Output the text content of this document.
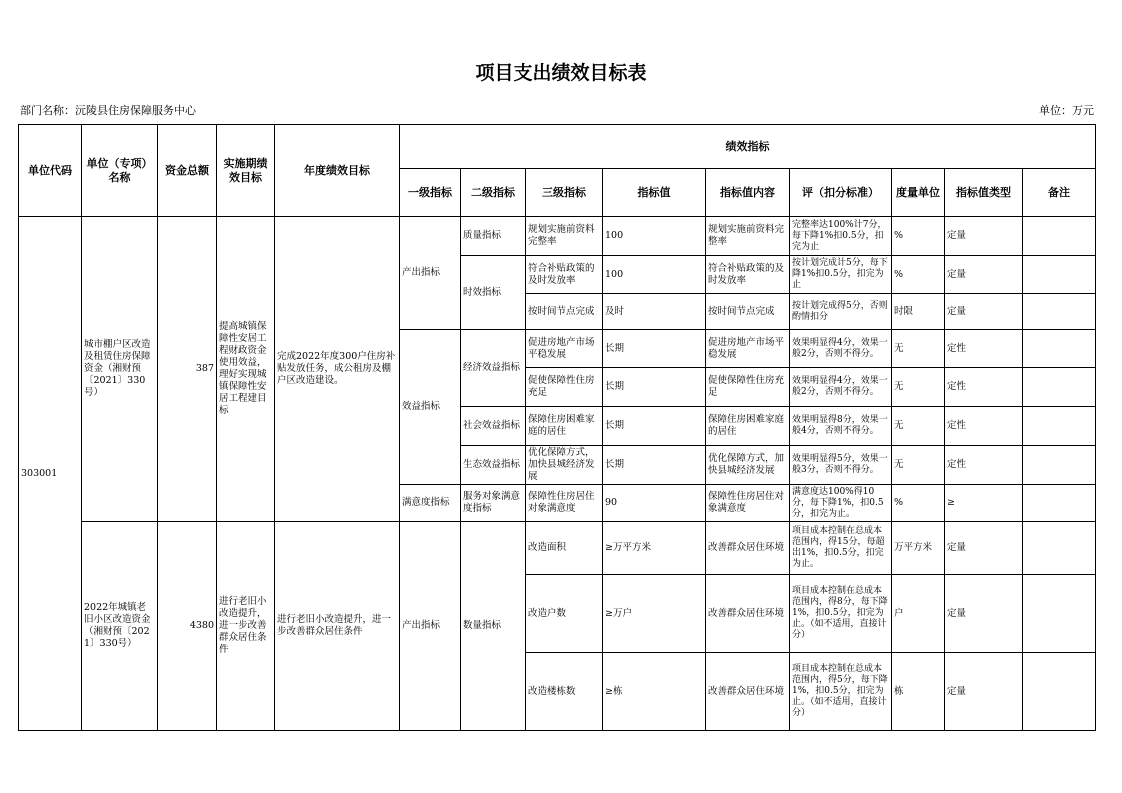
项目支出绩效目标表
部门名称：沅陵县住房保障服务中心	单位：万元
单位代码	单位（专项）名称	资金总额	实施期绩效目标	年度绩效目标	绩效指标								
					一级指标	二级指标	三级指标	指标值	指标值内容	评（扣分标准）	度量单位	指标值类型	备注
303001	城市棚户区改造及租赁住房保障资金（湘财预〔2021〕330号）	387	提高城镇保障性安居工程财政资金使用效益，理好实现城镇保障性安居工程建目标	完成2022年度300户住房补贴发放任务，成公租房及棚户区改造建设。	产出指标	质量指标	规划实施前资料完整率	100	规划实施前资料完整率	完整率达100%计7分，每下降1%扣0.5分，扣完为止	%	定量	
						时效指标	符合补贴政策的及时发放率	100	符合补贴政策的及时发放率	按计划完成计5分，每下降1%扣0.5分，扣完为止	%	定量	
							按时间节点完成	及时	按时间节点完成	按计划完成得5分，否则酌情扣分	时限	定量	
					效益指标	经济效益指标	促进房地产市场平稳发展	长期	促进房地产市场平稳发展	效果明显得4分，效果一般2分，否则不得分。	无	定性	
							促使保障性住房充足	长期	促使保障性住房充足	效果明显得4分，效果一般2分，否则不得分。	无	定性	
						社会效益指标	保障住房困难家庭的居住	长期	保障住房困难家庭的居住	效果明显得8分，效果一般4分，否则不得分。	无	定性	
						生态效益指标	优化保障方式，加快县城经济发展	长期	优化保障方式，加快县城经济发展	效果明显得5分，效果一般3分，否则不得分。	无	定性	
					满意度指标	服务对象满意度指标	保障性住房居住对象满意度	90	保障性住房居住对象满意度	满意度达100%得10分，每下降1%，扣0.5分，扣完为止。	%	≥	
	2022年城镇老旧小区改造资金（湘财预〔2021〕330号）	4380	进行老旧小改造提升，进一步改善群众居住条件	进行老旧小改造提升，进一步改善群众居住条件	产出指标	数量指标	改造面积	≥万平方米	改善群众居住环境	项目成本控制在总成本范围内，得15分，每超出1%，扣0.5分，扣完为止。	万平方米	定量	
							改造户数	≥万户	改善群众居住环境	项目成本控制在总成本范围内，得8分，每下降1%，扣0.5分，扣完为止。（如不适用，直接计分）	户	定量	
							改造楼栋数	≥栋	改善群众居住环境	项目成本控制在总成本范围内，得5分，每下降1%，扣0.5分，扣完为止。（如不适用，直接计分）	栋	定量	
